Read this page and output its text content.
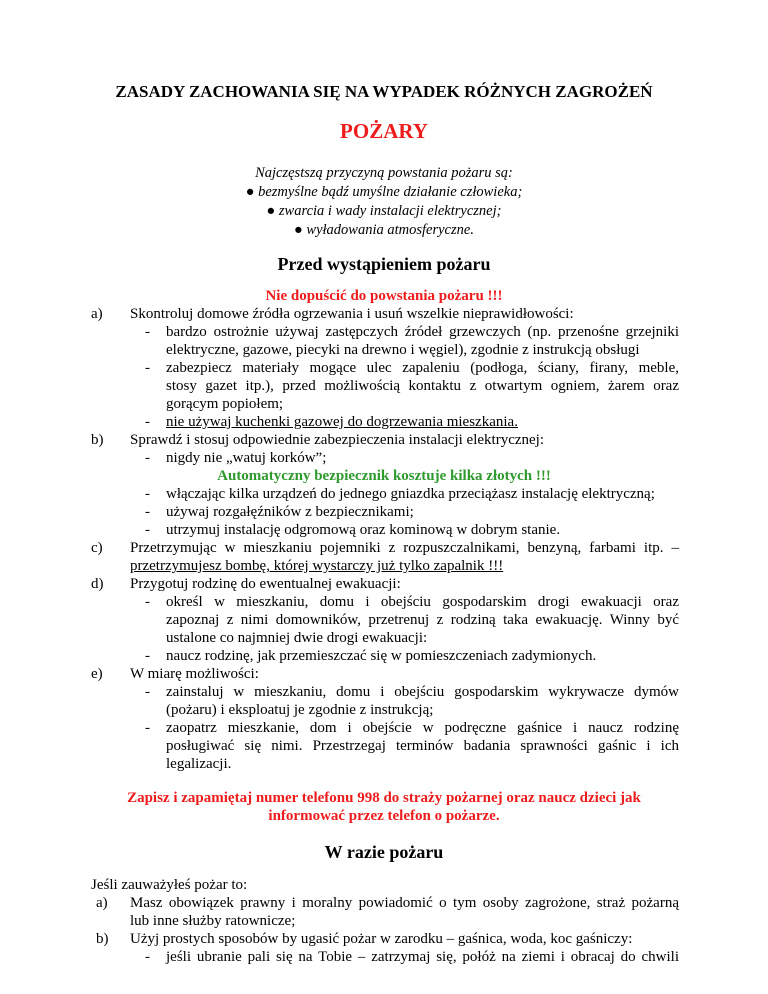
ZASADY ZACHOWANIA SIĘ NA WYPADEK RÓŻNYCH ZAGROŻEŃ
POŻARY
Najczęstszą przyczyną powstania pożaru są:
● bezmyślne bądź umyślne działanie człowieka;
● zwarcia i wady instalacji elektrycznej;
● wyładowania atmosferyczne.
Przed wystąpieniem pożaru
Nie dopuścić do powstania pożaru !!!
a) Skontroluj domowe źródła ogrzewania i usuń wszelkie nieprawidłowości:
- bardzo ostrożnie używaj zastępczych źródeł grzewczych (np. przenośne grzejniki
elektryczne, gazowe, piecyki na drewno i węgiel), zgodnie z instrukcją obsługi
- zabezpiecz materiały mogące ulec zapaleniu (podłoga, ściany, firany, meble,
stosy gazet itp.), przed możliwością kontaktu z otwartym ogniem, żarem oraz
gorącym popiołem;
- nie używaj kuchenki gazowej do dogrzewania mieszkania.
b) Sprawdź i stosuj odpowiednie zabezpieczenia instalacji elektrycznej:
- nigdy nie „watuj korków”;
Automatyczny bezpiecznik kosztuje kilka złotych !!!
- włączając kilka urządzeń do jednego gniazdka przeciążasz instalację elektryczną;
- używaj rozgałęźników z bezpiecznikami;
- utrzymuj instalację odgromową oraz kominową w dobrym stanie.
c) Przetrzymując w mieszkaniu pojemniki z rozpuszczalnikami, benzyną, farbami itp. –
przetrzymujesz bombę, której wystarczy już tylko zapalnik !!!
d) Przygotuj rodzinę do ewentualnej ewakuacji:
- określ w mieszkaniu, domu i obejściu gospodarskim drogi ewakuacji oraz
zapoznaj z nimi domowników, przetrenuj z rodziną taka ewakuację. Winny być
ustalone co najmniej dwie drogi ewakuacji:
- naucz rodzinę, jak przemieszczać się w pomieszczeniach zadymionych.
e) W miarę możliwości:
- zainstaluj w mieszkaniu, domu i obejściu gospodarskim wykrywacze dymów
(pożaru) i eksploatuj je zgodnie z instrukcją;
- zaopatrz mieszkanie, dom i obejście w podręczne gaśnice i naucz rodzinę
posługiwać się nimi. Przestrzegaj terminów badania sprawności gaśnic i ich
legalizacji.
Zapisz i zapamiętaj numer telefonu 998 do straży pożarnej oraz naucz dzieci jak
informować przez telefon o pożarze.
W razie pożaru
Jeśli zauważyłeś pożar to:
a) Masz obowiązek prawny i moralny powiadomić o tym osoby zagrożone, straż pożarną
lub inne służby ratownicze;
b) Użyj prostych sposobów by ugasić pożar w zarodku – gaśnica, woda, koc gaśniczy:
- jeśli ubranie pali się na Tobie – zatrzymaj się, połóż na ziemi i obracaj do chwili
